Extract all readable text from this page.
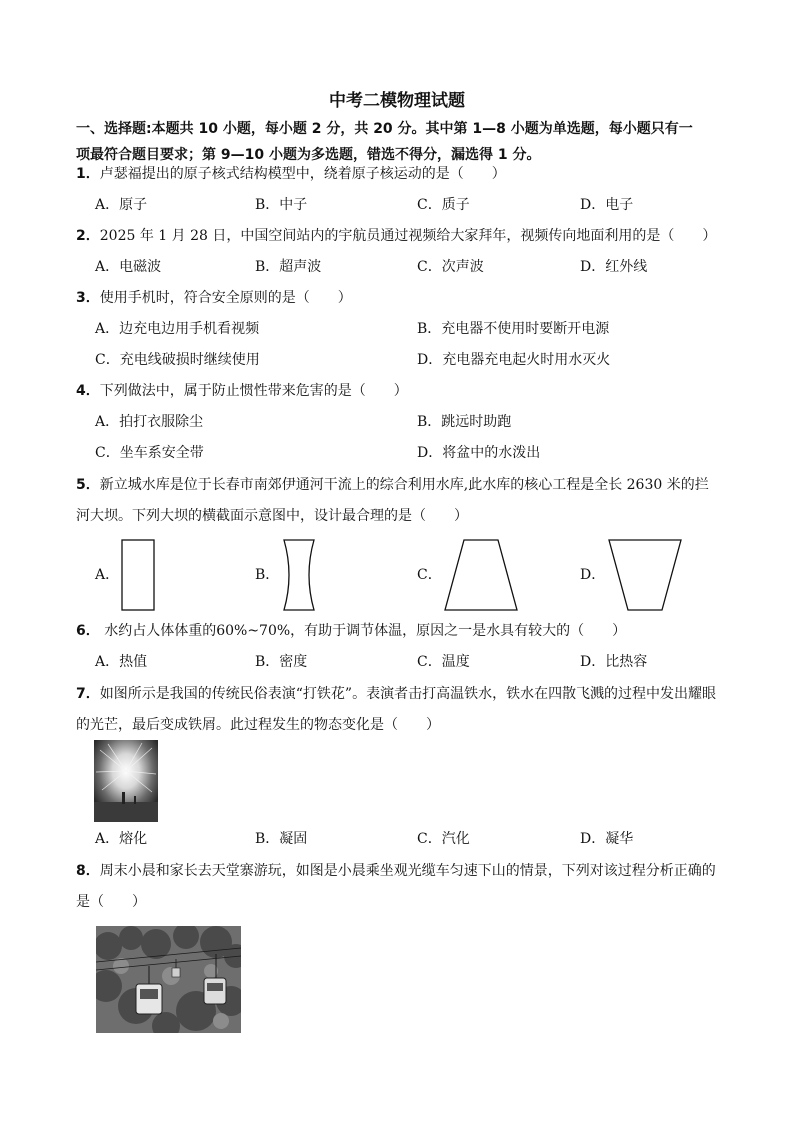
中考二模物理试题
一、选择题:本题共 10 小题，每小题 2 分，共 20 分。其中第 1—8 小题为单选题，每小题只有一
项最符合题目要求；第 9—10 小题为多选题，错选不得分，漏选得 1 分。
1．卢瑟福提出的原子核式结构模型中，绕着原子核运动的是（　　）
A．原子	B．中子	C．质子	D．电子
2．2025 年 1 月 28 日，中国空间站内的宇航员通过视频给大家拜年，视频传向地面利用的是（　　）
A．电磁波	B．超声波	C．次声波	D．红外线
3．使用手机时，符合安全原则的是（　　）
A．边充电边用手机看视频	B．充电器不使用时要断开电源
C．充电线破损时继续使用	D．充电器充电起火时用水灭火
4．下列做法中，属于防止惯性带来危害的是（　　）
A．拍打衣服除尘	B．跳远时助跑
C．坐车系安全带	D．将盆中的水泼出
5．新立城水库是位于长春市南郊伊通河干流上的综合利用水库,此水库的核心工程是全长 2630 米的拦
河大坝。下列大坝的横截面示意图中，设计最合理的是（　　）
A．	B．	C．	D．
6． 水约占人体体重的60%~70%，有助于调节体温，原因之一是水具有较大的（　　）
A．热值	B．密度	C．温度	D．比热容
7．如图所示是我国的传统民俗表演“打铁花”。表演者击打高温铁水，铁水在四散飞溅的过程中发出耀眼
的光芒，最后变成铁屑。此过程发生的物态变化是（　　）
A．熔化	B．凝固	C．汽化	D．凝华
8．周末小晨和家长去天堂寨游玩，如图是小晨乘坐观光缆车匀速下山的情景，下列对该过程分析正确的
是（　　）
